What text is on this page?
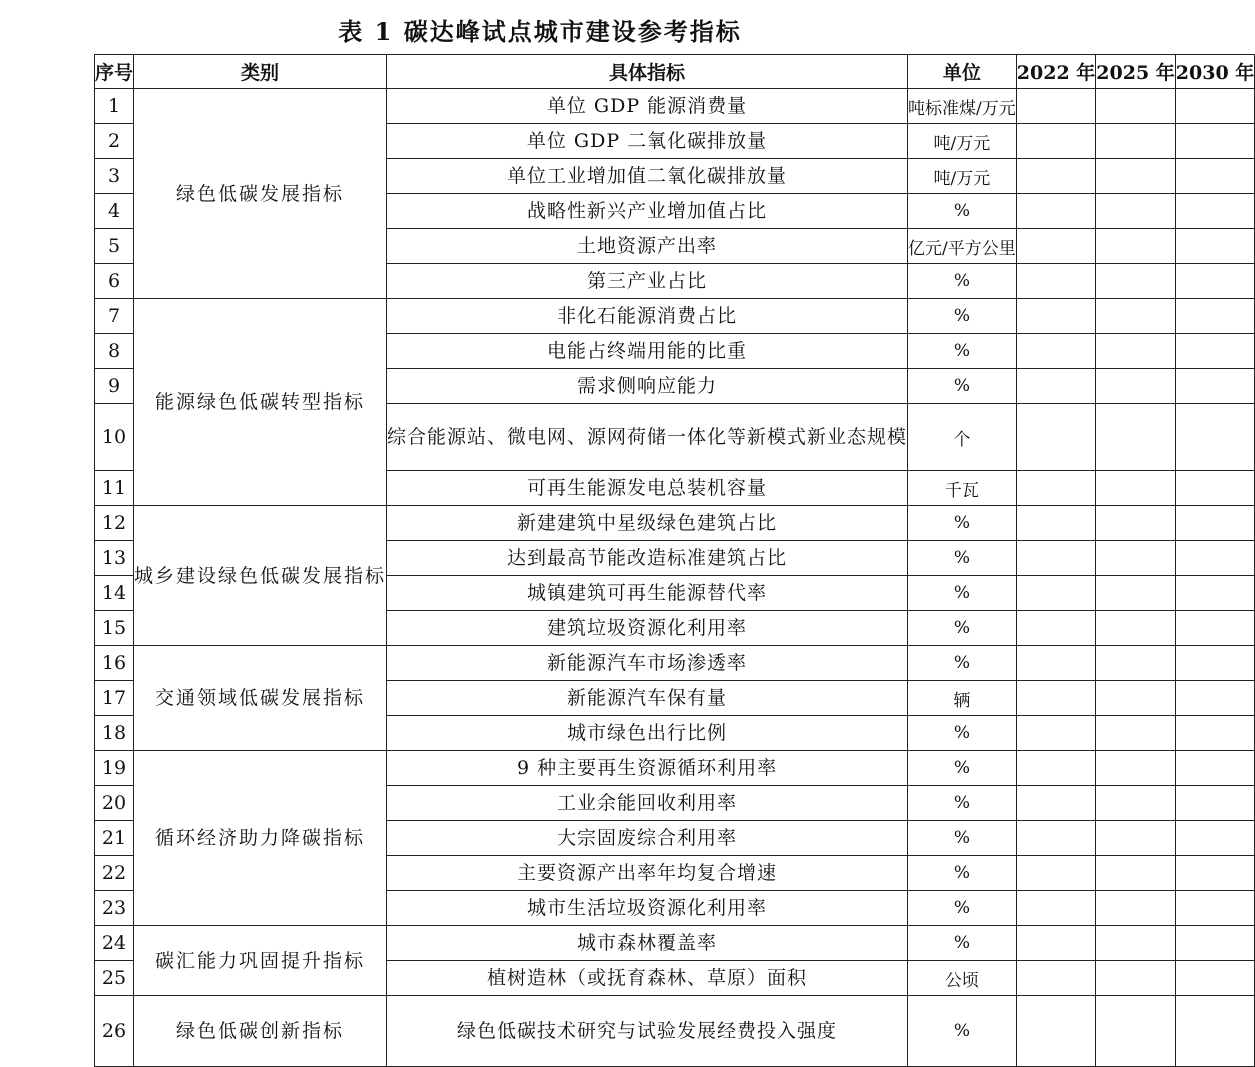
表 1 碳达峰试点城市建设参考指标
序号	类别	具体指标	单位	2022 年	2025 年	2030 年
1	绿色低碳发展指标	单位 GDP 能源消费量	吨标准煤/万元			
2		单位 GDP 二氧化碳排放量	吨/万元			
3		单位工业增加值二氧化碳排放量	吨/万元			
4		战略性新兴产业增加值占比	%			
5		土地资源产出率	亿元/平方公里			
6		第三产业占比	%			
7	能源绿色低碳转型指标	非化石能源消费占比	%			
8		电能占终端用能的比重	%			
9		需求侧响应能力	%			
10		综合能源站、微电网、源网荷储一体化等新模式新业态规模	个			
11		可再生能源发电总装机容量	千瓦			
12	城乡建设绿色低碳发展指标	新建建筑中星级绿色建筑占比	%			
13		达到最高节能改造标准建筑占比	%			
14		城镇建筑可再生能源替代率	%			
15		建筑垃圾资源化利用率	%			
16	交通领域低碳发展指标	新能源汽车市场渗透率	%			
17		新能源汽车保有量	辆			
18		城市绿色出行比例	%			
19	循环经济助力降碳指标	9 种主要再生资源循环利用率	%			
20		工业余能回收利用率	%			
21		大宗固废综合利用率	%			
22		主要资源产出率年均复合增速	%			
23		城市生活垃圾资源化利用率	%			
24	碳汇能力巩固提升指标	城市森林覆盖率	%			
25		植树造林（或抚育森林、草原）面积	公顷			
26	绿色低碳创新指标	绿色低碳技术研究与试验发展经费投入强度	%			
